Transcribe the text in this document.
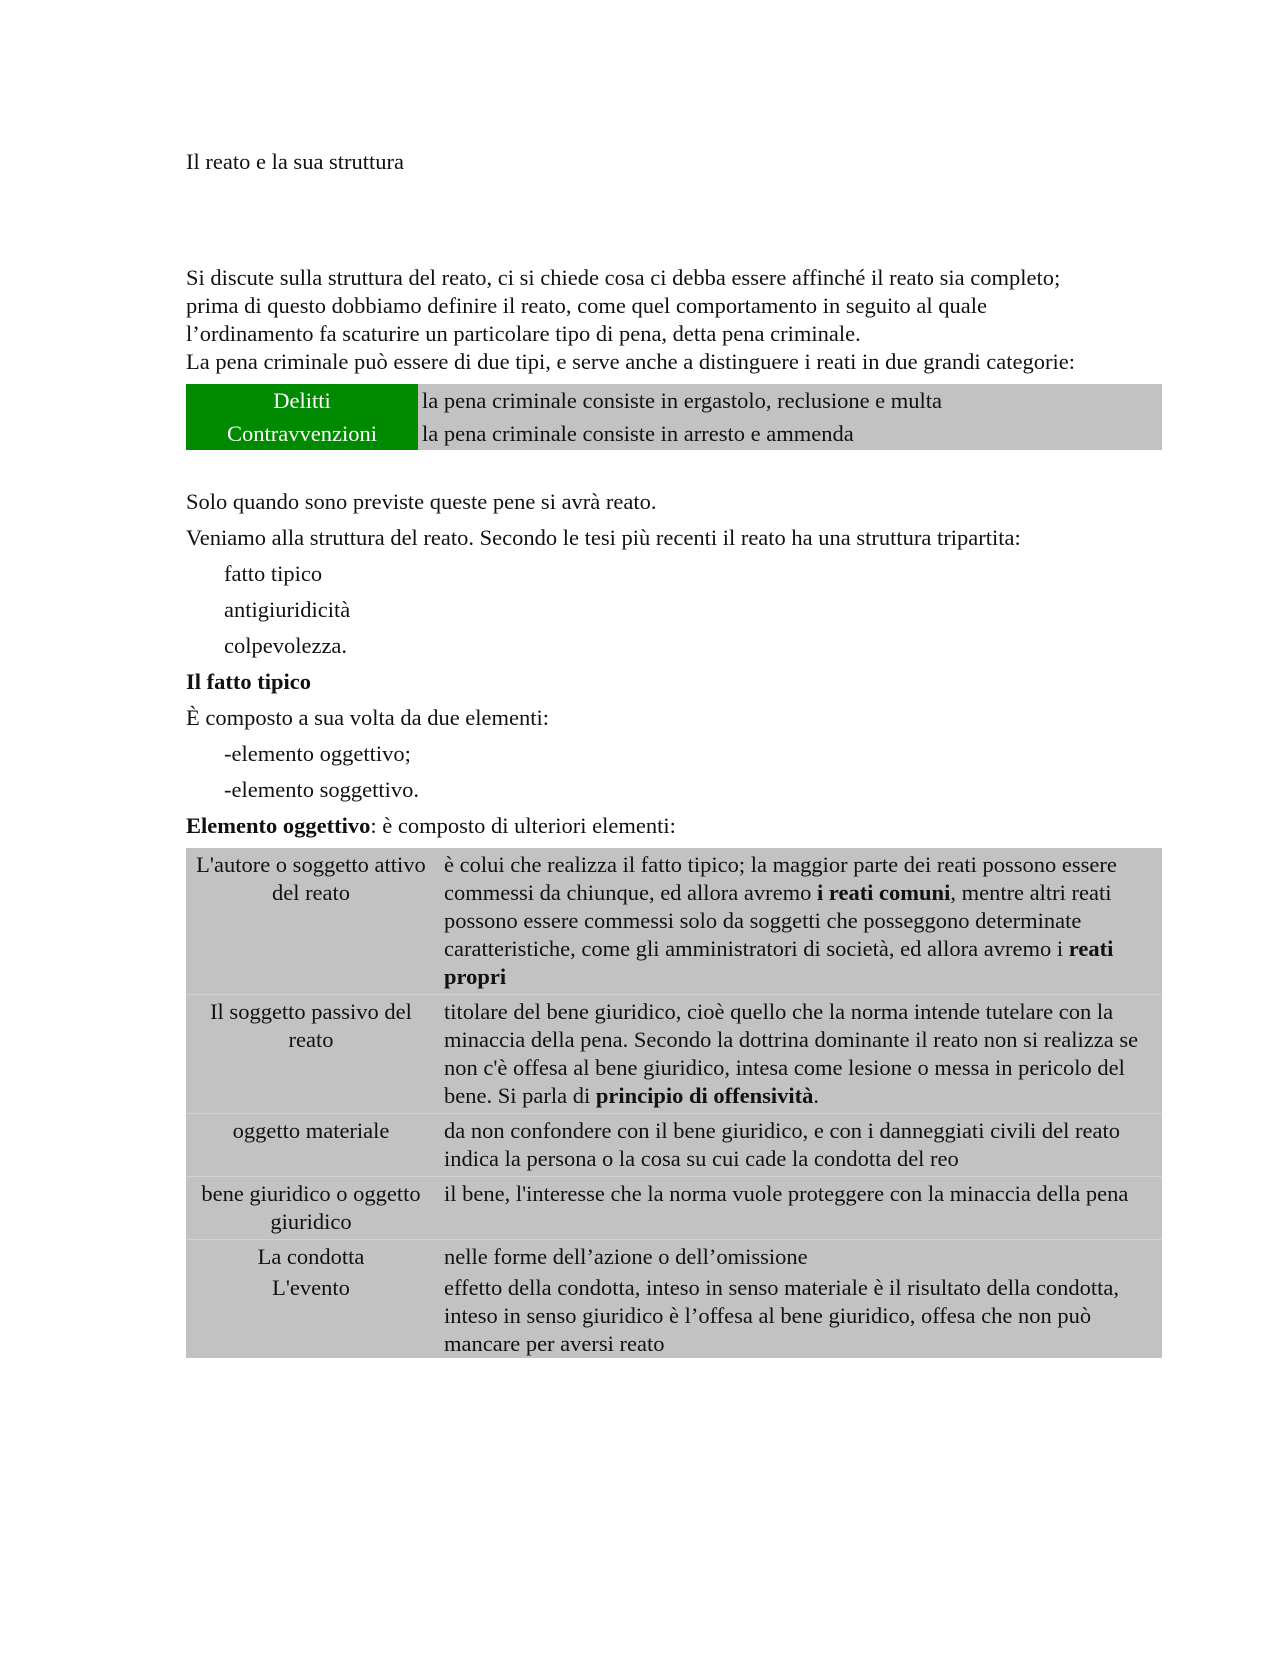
Il reato e la sua struttura

Si discute sulla struttura del reato, ci si chiede cosa ci debba essere affinché il reato sia completo; prima di questo dobbiamo definire il reato, come quel comportamento in seguito al quale l’ordinamento fa scaturire un particolare tipo di pena, detta pena criminale.

La pena criminale può essere di due tipi, e serve anche a distinguere i reati in due grandi categorie:

Delitti	la pena criminale consiste in ergastolo, reclusione e multa
Contravvenzioni	la pena criminale consiste in arresto e ammenda

Solo quando sono previste queste pene si avrà reato.

Veniamo alla struttura del reato. Secondo le tesi più recenti il reato ha una struttura tripartita:

fatto tipico

antigiuridicità

colpevolezza.

Il fatto tipico

È composto a sua volta da due elementi:

-elemento oggettivo;

-elemento soggettivo.

Elemento oggettivo: è composto di ulteriori elementi:

L'autore o soggetto attivo del reato	è colui che realizza il fatto tipico; la maggior parte dei reati possono essere commessi da chiunque, ed allora avremo i reati comuni, mentre altri reati possono essere commessi solo da soggetti che posseggono determinate caratteristiche, come gli amministratori di società, ed allora avremo i reati propri
Il soggetto passivo del reato	titolare del bene giuridico, cioè quello che la norma intende tutelare con la minaccia della pena. Secondo la dottrina dominante il reato non si realizza se non c'è offesa al bene giuridico, intesa come lesione o messa in pericolo del bene. Si parla di principio di offensività.
oggetto materiale	da non confondere con il bene giuridico, e con i danneggiati civili del reato indica la persona o la cosa su cui cade la condotta del reo
bene giuridico o oggetto giuridico	il bene, l'interesse che la norma vuole proteggere con la minaccia della pena
La condotta	nelle forme dell’azione o dell’omissione
L'evento	effetto della condotta, inteso in senso materiale è il risultato della condotta, inteso in senso giuridico è l’offesa al bene giuridico, offesa che non può mancare per aversi reato
